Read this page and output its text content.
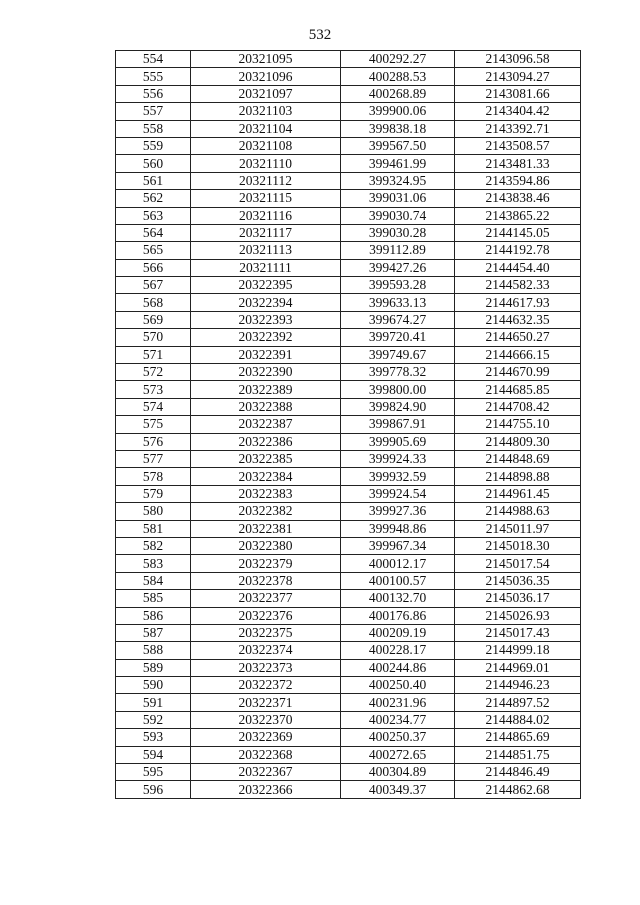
532
554	20321095	400292.27	2143096.58
555	20321096	400288.53	2143094.27
556	20321097	400268.89	2143081.66
557	20321103	399900.06	2143404.42
558	20321104	399838.18	2143392.71
559	20321108	399567.50	2143508.57
560	20321110	399461.99	2143481.33
561	20321112	399324.95	2143594.86
562	20321115	399031.06	2143838.46
563	20321116	399030.74	2143865.22
564	20321117	399030.28	2144145.05
565	20321113	399112.89	2144192.78
566	20321111	399427.26	2144454.40
567	20322395	399593.28	2144582.33
568	20322394	399633.13	2144617.93
569	20322393	399674.27	2144632.35
570	20322392	399720.41	2144650.27
571	20322391	399749.67	2144666.15
572	20322390	399778.32	2144670.99
573	20322389	399800.00	2144685.85
574	20322388	399824.90	2144708.42
575	20322387	399867.91	2144755.10
576	20322386	399905.69	2144809.30
577	20322385	399924.33	2144848.69
578	20322384	399932.59	2144898.88
579	20322383	399924.54	2144961.45
580	20322382	399927.36	2144988.63
581	20322381	399948.86	2145011.97
582	20322380	399967.34	2145018.30
583	20322379	400012.17	2145017.54
584	20322378	400100.57	2145036.35
585	20322377	400132.70	2145036.17
586	20322376	400176.86	2145026.93
587	20322375	400209.19	2145017.43
588	20322374	400228.17	2144999.18
589	20322373	400244.86	2144969.01
590	20322372	400250.40	2144946.23
591	20322371	400231.96	2144897.52
592	20322370	400234.77	2144884.02
593	20322369	400250.37	2144865.69
594	20322368	400272.65	2144851.75
595	20322367	400304.89	2144846.49
596	20322366	400349.37	2144862.68
